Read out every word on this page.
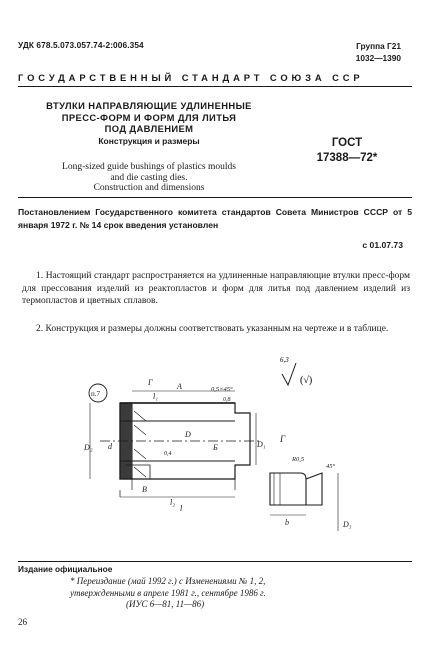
УДК 678.5.073.057.74-2:006.354	Группа Г21
1032—1390
ГОСУДАРСТВЕННЫЙ СТАНДАРТ СОЮЗА ССР
ВТУЛКИ НАПРАВЛЯЮЩИЕ УДЛИНЕННЫЕ
ПРЕСС-ФОРМ И ФОРМ ДЛЯ ЛИТЬЯ
ПОД ДАВЛЕНИЕМ
Конструкция и размеры
Long-sized guide bushings of plastics moulds
and die casting dies.
Construction and dimensions
ГОСТ
17388—72*
Постановлением Государственного комитета стандартов Совета Министров СССР от 5 января 1972 г. № 14 срок введения установлен
с 01.07.73
1. Настоящий стандарт распространяется на удлиненные направляющие втулки пресс-форм для прессования изделий из реактопластов и форм для литья под давлением изделий из термопластов и цветных сплавов.
2. Конструкция и размеры должны соответствовать указанным на чертеже и в таблице.
6,3
(√)
п.7
Г	А
Б
В
0,5×45°
0,8
0,4
D
D₁
D₂ d
l
l₁
l₂
Г
R0,5
45°
b	D₃
Издание официальное
* Переиздание (май 1992 г.) с Изменениями № 1, 2,
утвержденными в апреле 1981 г., сентябре 1986 г.
(ИУС 6—81, 11—86)
26
